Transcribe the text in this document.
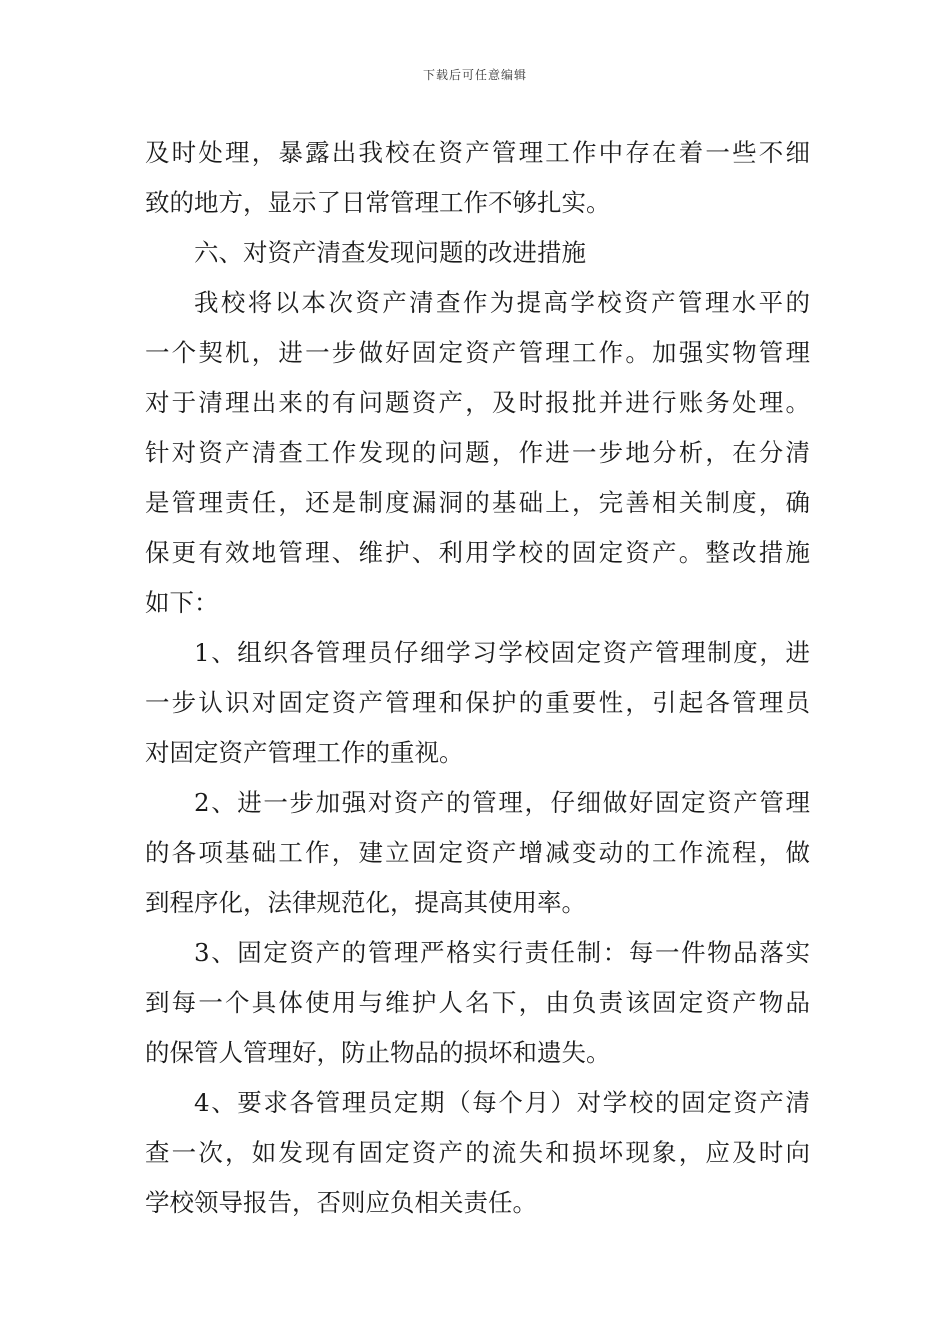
下载后可任意编辑
及时处理，暴露出我校在资产管理工作中存在着一些不细
致的地方，显示了日常管理工作不够扎实。
六、对资产清查发现问题的改进措施
我校将以本次资产清查作为提高学校资产管理水平的
一个契机，进一步做好固定资产管理工作。加强实物管理
对于清理出来的有问题资产，及时报批并进行账务处理。
针对资产清查工作发现的问题，作进一步地分析，在分清
是管理责任，还是制度漏洞的基础上，完善相关制度，确
保更有效地管理、维护、利用学校的固定资产。整改措施
如下：
1、组织各管理员仔细学习学校固定资产管理制度，进
一步认识对固定资产管理和保护的重要性，引起各管理员
对固定资产管理工作的重视。
2、进一步加强对资产的管理，仔细做好固定资产管理
的各项基础工作，建立固定资产增减变动的工作流程，做
到程序化，法律规范化，提高其使用率。
3、固定资产的管理严格实行责任制：每一件物品落实
到每一个具体使用与维护人名下，由负责该固定资产物品
的保管人管理好，防止物品的损坏和遗失。
4、要求各管理员定期（每个月）对学校的固定资产清
查一次，如发现有固定资产的流失和损坏现象，应及时向
学校领导报告，否则应负相关责任。
